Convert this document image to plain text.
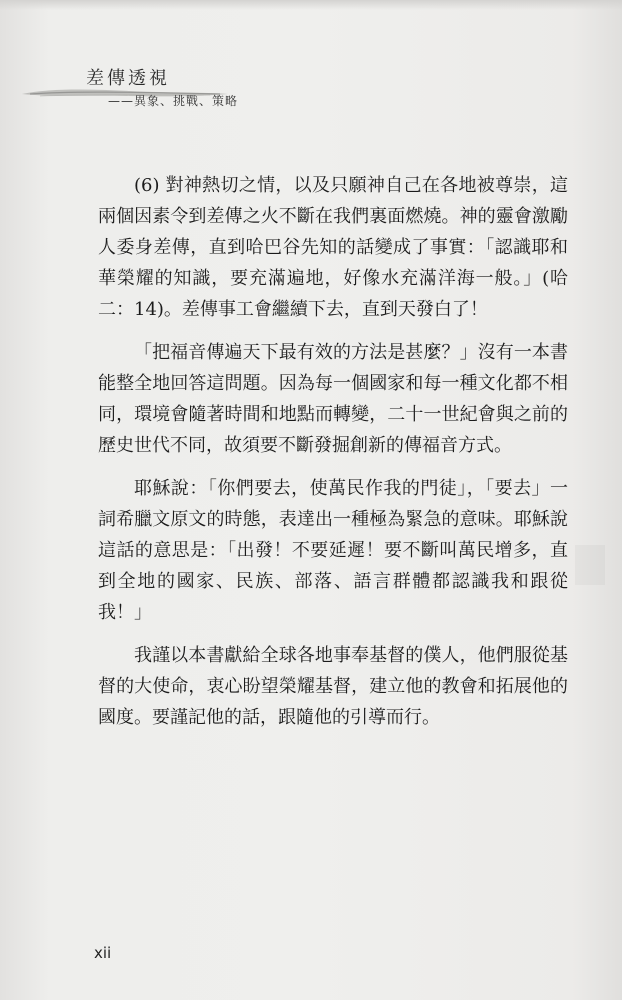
差傳透視
——異象、挑戰、策略

(6) 對神熱切之情，以及只願神自己在各地被尊崇，這兩個因素令到差傳之火不斷在我們裏面燃燒。神的靈會激勵人委身差傳，直到哈巴谷先知的話變成了事實：「認識耶和華榮耀的知識，要充滿遍地，好像水充滿洋海一般。」(哈二：14)。差傳事工會繼續下去，直到天發白了！

「把福音傳遍天下最有效的方法是甚麼？」沒有一本書能整全地回答這問題。因為每一個國家和每一種文化都不相同，環境會隨著時間和地點而轉變，二十一世紀會與之前的歷史世代不同，故須要不斷發掘創新的傳福音方式。

耶穌說：「你們要去，使萬民作我的門徒」，「要去」一詞希臘文原文的時態，表達出一種極為緊急的意味。耶穌說這話的意思是：「出發！不要延遲！要不斷叫萬民增多，直到全地的國家、民族、部落、語言群體都認識我和跟從我！」

我謹以本書獻給全球各地事奉基督的僕人，他們服從基督的大使命，衷心盼望榮耀基督，建立他的教會和拓展他的國度。要謹記他的話，跟隨他的引導而行。

xii
